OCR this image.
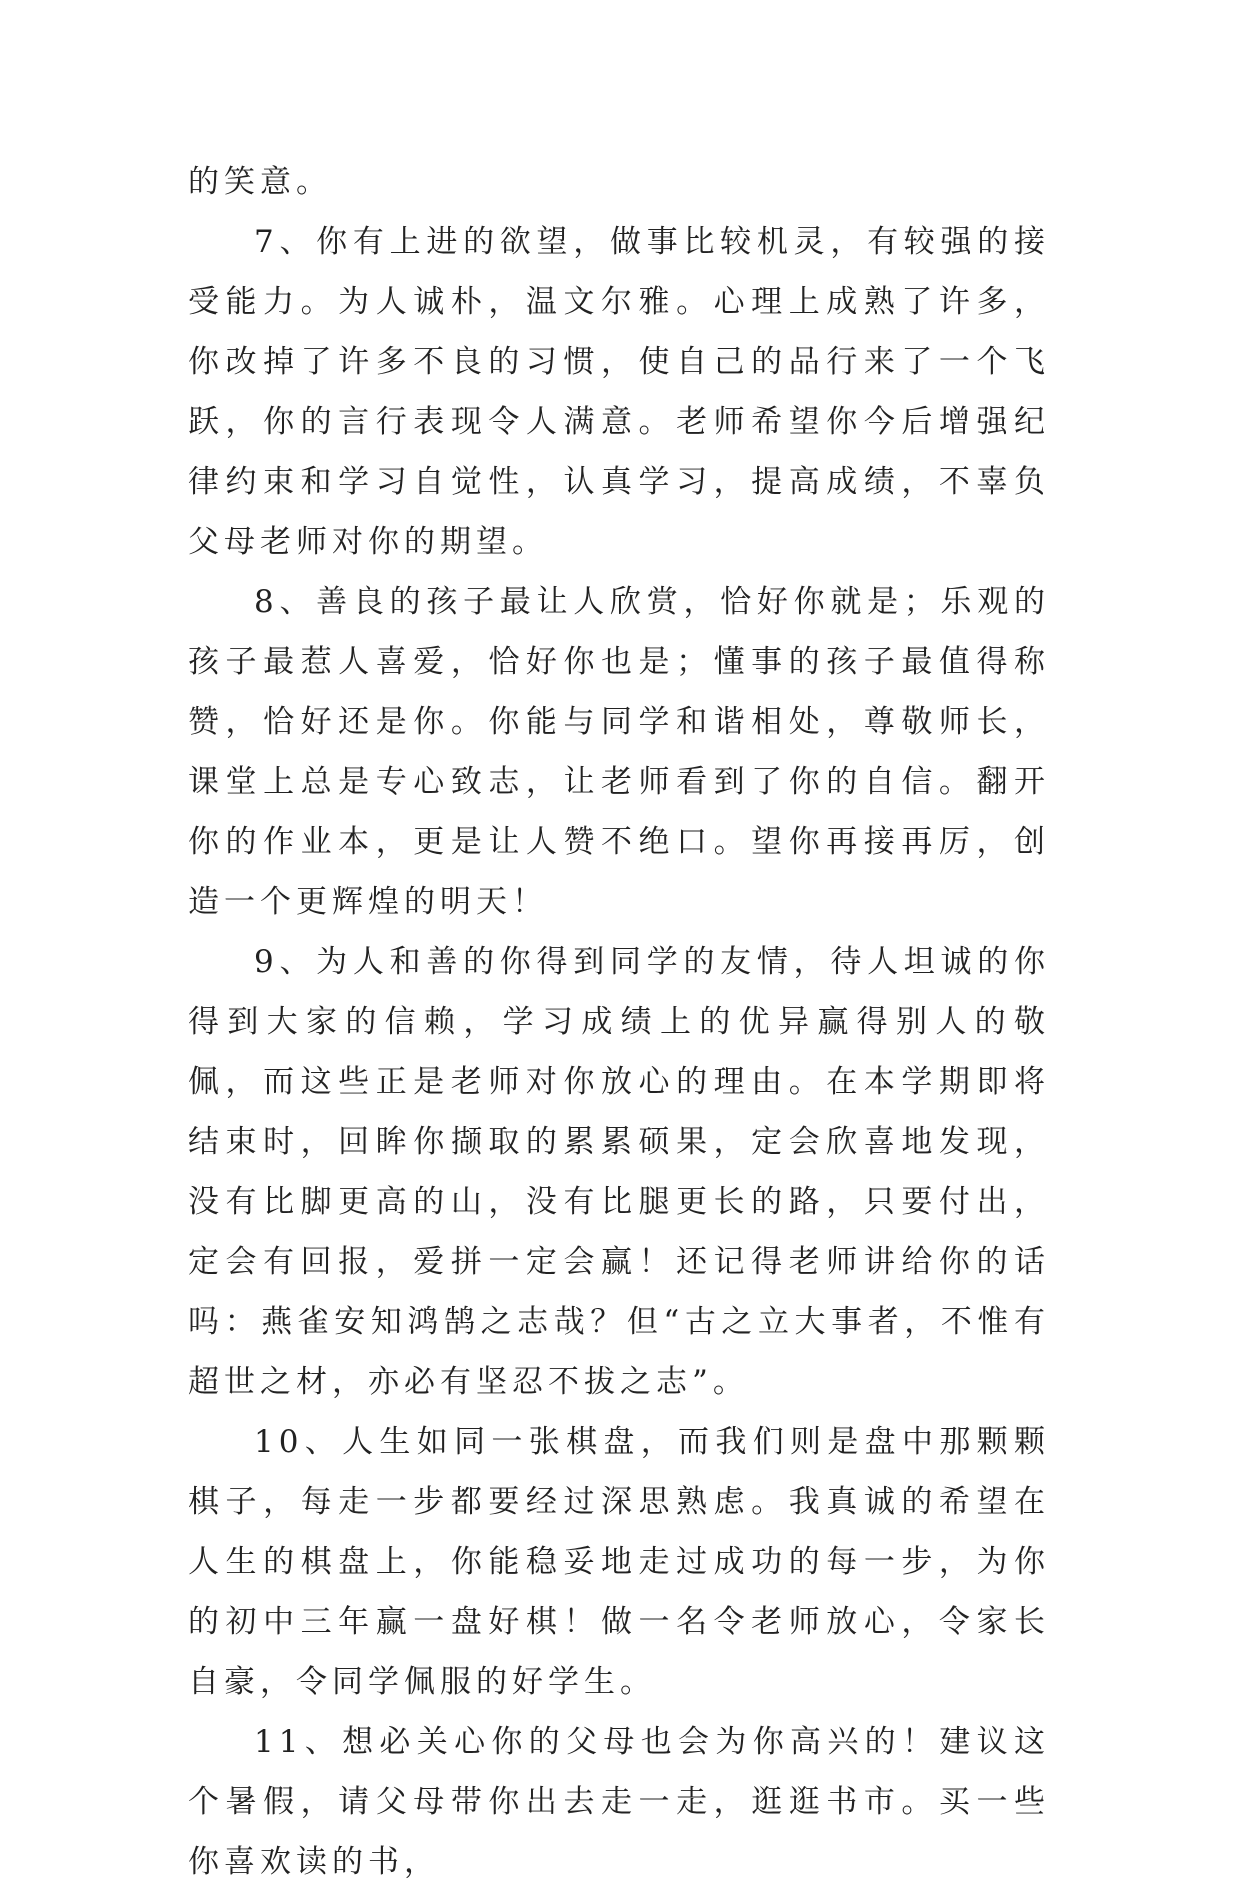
的笑意。

7、你有上进的欲望，做事比较机灵，有较强的接受能力。为人诚朴，温文尔雅。心理上成熟了许多，你改掉了许多不良的习惯，使自己的品行来了一个飞跃，你的言行表现令人满意。老师希望你今后增强纪律约束和学习自觉性，认真学习，提高成绩，不辜负父母老师对你的期望。

8、善良的孩子最让人欣赏，恰好你就是；乐观的孩子最惹人喜爱，恰好你也是；懂事的孩子最值得称赞，恰好还是你。你能与同学和谐相处，尊敬师长，课堂上总是专心致志，让老师看到了你的自信。翻开你的作业本，更是让人赞不绝口。望你再接再厉，创造一个更辉煌的明天！

9、为人和善的你得到同学的友情，待人坦诚的你得到大家的信赖，学习成绩上的优异赢得别人的敬佩，而这些正是老师对你放心的理由。在本学期即将结束时，回眸你撷取的累累硕果，定会欣喜地发现，没有比脚更高的山，没有比腿更长的路，只要付出，定会有回报，爱拼一定会赢！还记得老师讲给你的话吗：燕雀安知鸿鹄之志哉？但“古之立大事者，不惟有超世之材，亦必有坚忍不拔之志”。

10、人生如同一张棋盘，而我们则是盘中那颗颗棋子，每走一步都要经过深思熟虑。我真诚的希望在人生的棋盘上，你能稳妥地走过成功的每一步，为你的初中三年赢一盘好棋！做一名令老师放心，令家长自豪，令同学佩服的好学生。

11、想必关心你的父母也会为你高兴的！建议这个暑假，请父母带你出去走一走，逛逛书市。买一些你喜欢读的书，
